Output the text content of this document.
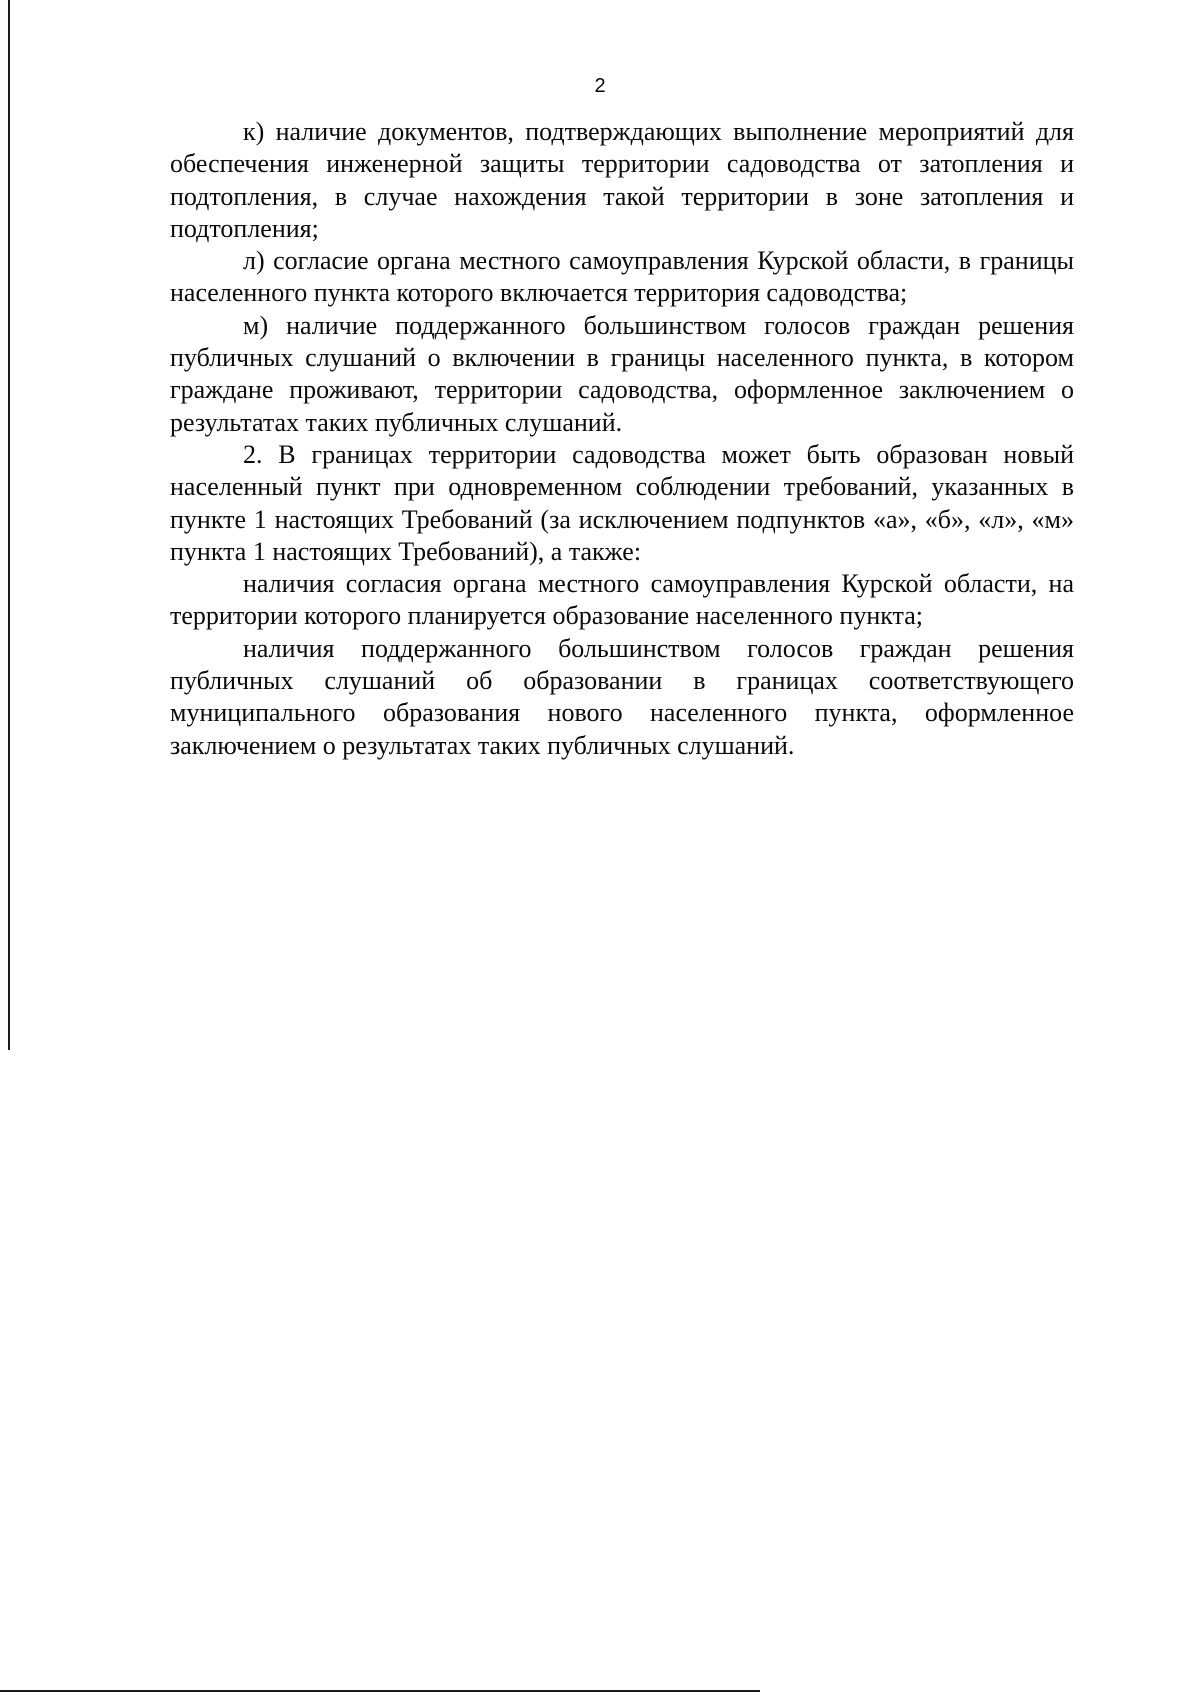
2

к) наличие документов, подтверждающих выполнение мероприятий для обеспечения инженерной защиты территории садоводства от затопления и подтопления, в случае нахождения такой территории в зоне затопления и подтопления;

л) согласие органа местного самоуправления Курской области, в границы населенного пункта которого включается территория садоводства;

м) наличие поддержанного большинством голосов граждан решения публичных слушаний о включении в границы населенного пункта, в котором граждане проживают, территории садоводства, оформленное заключением о результатах таких публичных слушаний.

2. В границах территории садоводства может быть образован новый населенный пункт при одновременном соблюдении требований, указанных в пункте 1 настоящих Требований (за исключением подпунктов «а», «б», «л», «м» пункта 1 настоящих Требований), а также:

наличия согласия органа местного самоуправления Курской области, на территории которого планируется образование населенного пункта;

наличия поддержанного большинством голосов граждан решения публичных слушаний об образовании в границах соответствующего муниципального образования нового населенного пункта, оформленное заключением о результатах таких публичных слушаний.
